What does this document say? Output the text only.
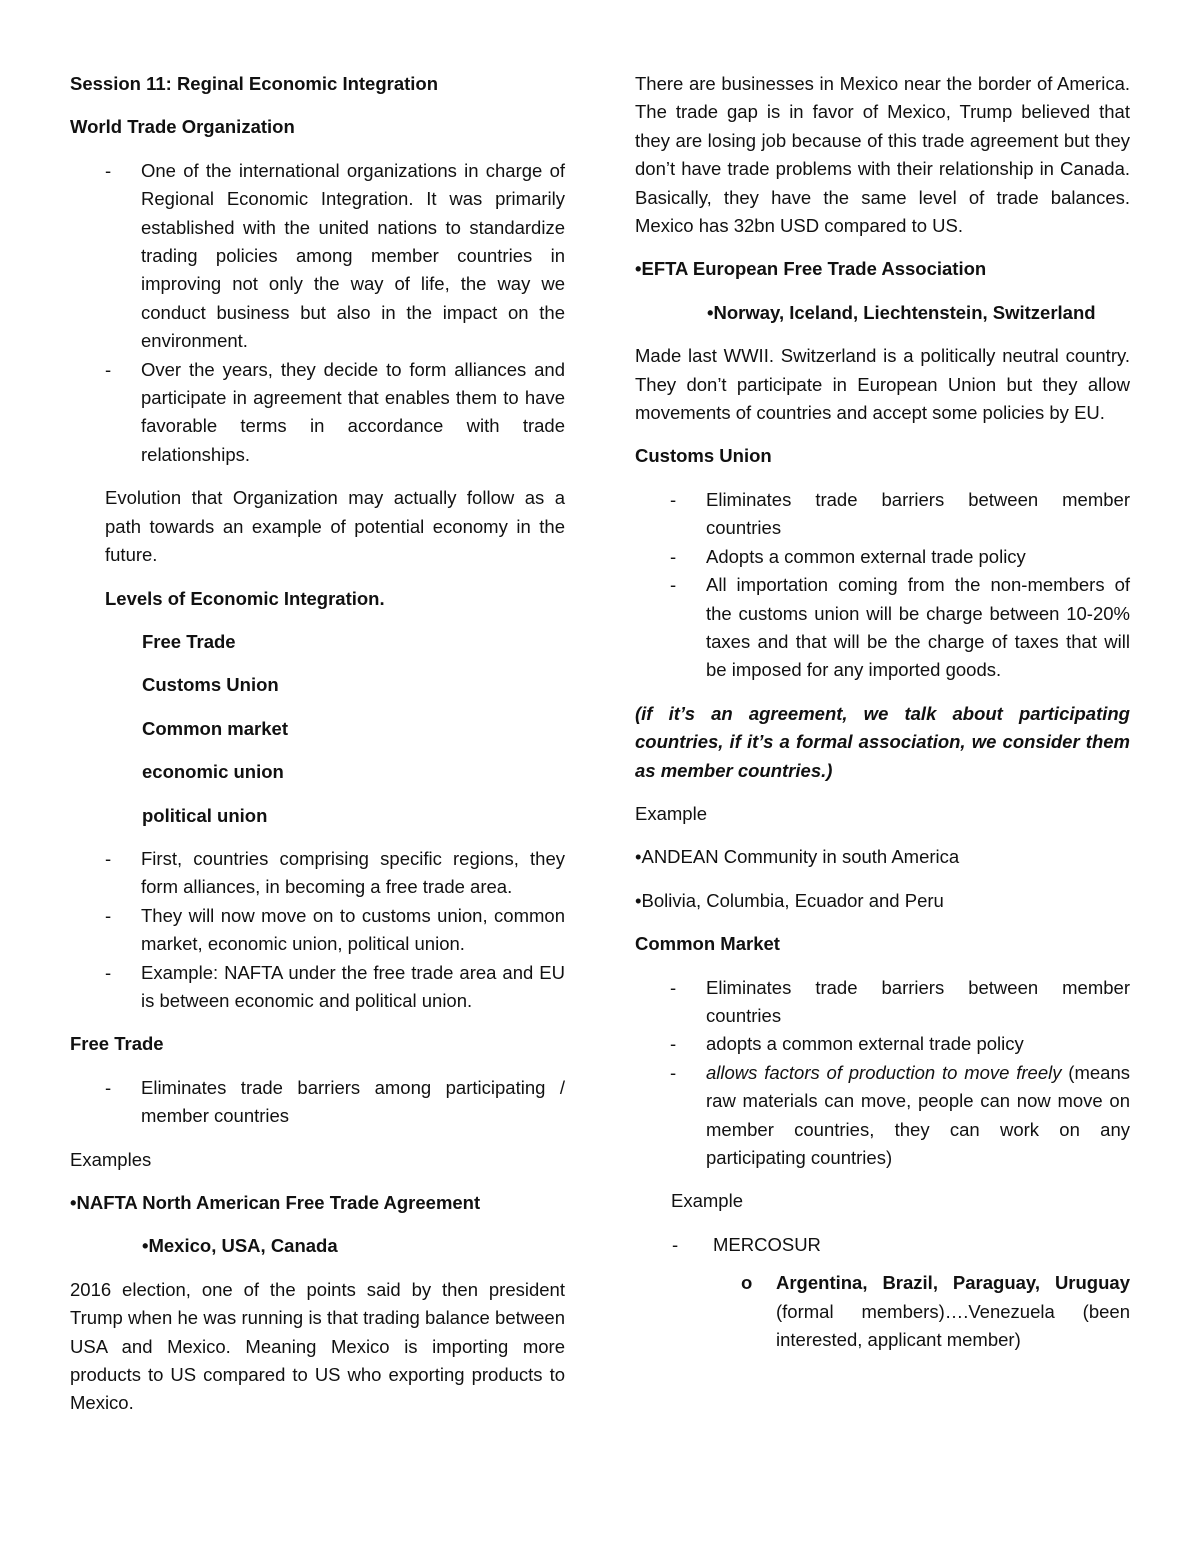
Session 11: Reginal Economic Integration

World Trade Organization

- One of the international organizations in charge of Regional Economic Integration. It was primarily established with the united nations to standardize trading policies among member countries in improving not only the way of life, the way we conduct business but also in the impact on the environment.

- Over the years, they decide to form alliances and participate in agreement that enables them to have favorable terms in accordance with trade relationships.

Evolution that Organization may actually follow as a path towards an example of potential economy in the future.

Levels of Economic Integration.

Free Trade

Customs Union

Common market

economic union

political union

- First, countries comprising specific regions, they form alliances, in becoming a free trade area.

- They will now move on to customs union, common market, economic union, political union.

- Example: NAFTA under the free trade area and EU is between economic and political union.

Free Trade

- Eliminates trade barriers among participating / member countries

Examples

• NAFTA North American Free Trade Agreement

• Mexico, USA, Canada

2016 election, one of the points said by then president Trump when he was running is that trading balance between USA and Mexico. Meaning Mexico is importing more products to US compared to US who exporting products to Mexico.

There are businesses in Mexico near the border of America. The trade gap is in favor of Mexico, Trump believed that they are losing job because of this trade agreement but they don’t have trade problems with their relationship in Canada. Basically, they have the same level of trade balances. Mexico has 32bn USD compared to US.

• EFTA European Free Trade Association

• Norway, Iceland, Liechtenstein, Switzerland

Made last WWII. Switzerland is a politically neutral country. They don’t participate in European Union but they allow movements of countries and accept some policies by EU.

Customs Union

- Eliminates trade barriers between member countries

- Adopts a common external trade policy

- All importation coming from the non-members of the customs union will be charge between 10-20% taxes and that will be the charge of taxes that will be imposed for any imported goods.

(if it’s an agreement, we talk about participating countries, if it’s a formal association, we consider them as member countries.)

Example

• ANDEAN Community in south America

• Bolivia, Columbia, Ecuador and Peru

Common Market

- Eliminates trade barriers between member countries

- adopts a common external trade policy

- allows factors of production to move freely (means raw materials can move, people can now move on member countries, they can work on any participating countries)

Example

- MERCOSUR

o Argentina, Brazil, Paraguay, Uruguay (formal members)….Venezuela (been interested, applicant member)
